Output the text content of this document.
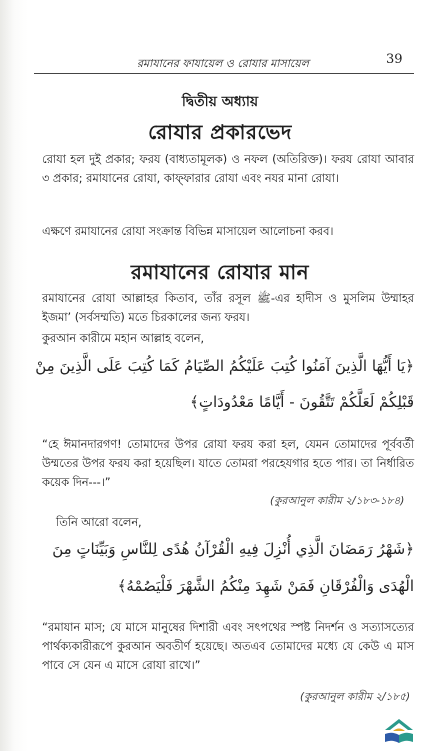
রমাযানের ফাযায়েল ও রোযার মাসায়েল	39
দ্বিতীয় অধ্যায়
রোযার প্রকারভেদ
রোযা হল দুই প্রকার; ফরয (বাধ্যতামূলক) ও নফল (অতিরিক্ত)। ফরয রোযা আবার ৩ প্রকার; রমাযানের রোযা, কাফ্‌ফারার রোযা এবং নযর মানা রোযা।
এক্ষণে রমাযানের রোযা সংক্রান্ত বিভিন্ন মাসায়েল আলোচনা করব।
রমাযানের রোযার মান
রমাযানের রোযা আল্লাহর কিতাব, তাঁর রসূল ﷺ-এর হাদীস ও মুসলিম উম্মাহর ইজমা’ (সর্বসম্মতি) মতে চিরকালের জন্য ফরয।
কুরআন কারীমে মহান আল্লাহ বলেন,
﴿يَا أَيُّهَا الَّذِينَ آمَنُوا كُتِبَ عَلَيْكُمُ الصِّيَامُ كَمَا كُتِبَ عَلَى الَّذِينَ مِنْ
قَبْلِكُمْ لَعَلَّكُمْ تَتَّقُونَ - أَيَّامًا مَعْدُودَاتٍ﴾
“হে ঈমানদারগণ! তোমাদের উপর রোযা ফরয করা হল, যেমন তোমাদের পূর্ববর্তী উম্মতের উপর ফরয করা হয়েছিল। যাতে তোমরা পরহেযগার হতে পার। তা নির্ধারিত কয়েক দিন---।”
(কুরআনুল কারীম ২/১৮৩-১৮৪)
তিনি আরো বলেন,
﴿شَهْرُ رَمَضَانَ الَّذِي أُنْزِلَ فِيهِ الْقُرْآنُ هُدًى لِلنَّاسِ وَبَيِّنَاتٍ مِنَ
الْهُدَى وَالْفُرْقَانِ فَمَنْ شَهِدَ مِنْكُمُ الشَّهْرَ فَلْيَصُمْهُ﴾
“রমাযান মাস; যে মাসে মানুষের দিশারী এবং সৎপথের স্পষ্ট নিদর্শন ও সত্যাসত্যের পার্থক্যকারীরূপে কুরআন অবতীর্ণ হয়েছে। অতএব তোমাদের মধ্যে যে কেউ এ মাস পাবে সে যেন এ মাসে রোযা রাখে।”
(কুরআনুল কারীম ২/১৮৫)
